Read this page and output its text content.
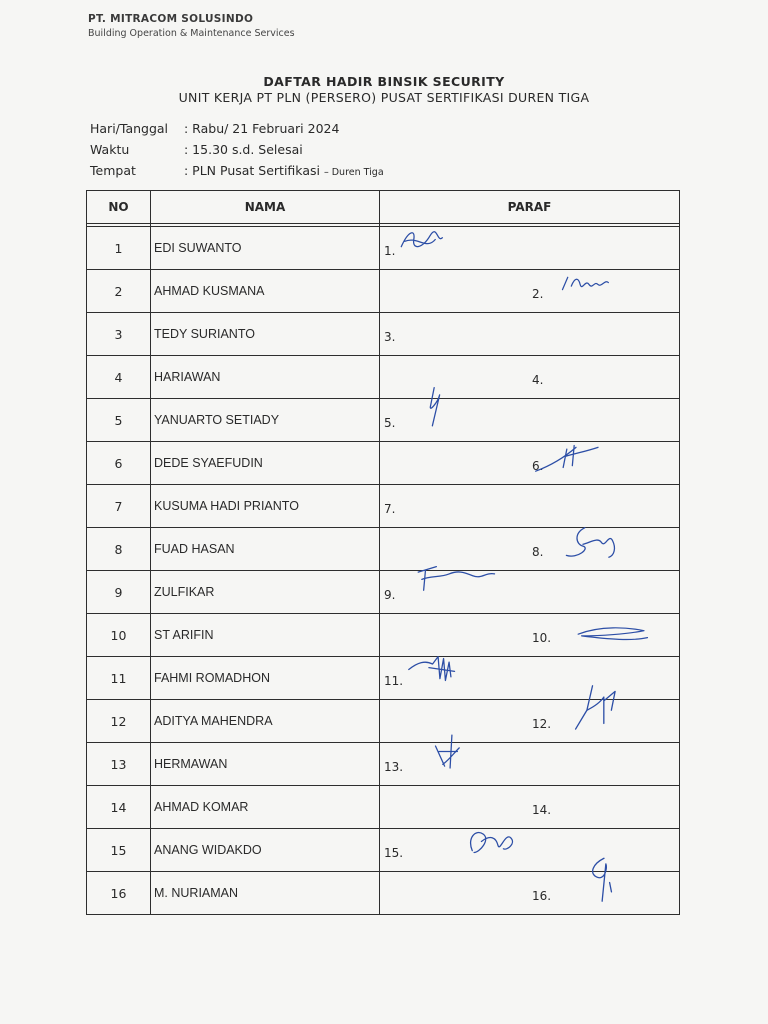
PT. MITRACOM SOLUSINDO
Building Operation & Maintenance Services
DAFTAR HADIR BINSIK SECURITY
UNIT KERJA PT PLN (PERSERO) PUSAT SERTIFIKASI DUREN TIGA
Hari/Tanggal : Rabu/ 21 Februari 2024
Waktu	: 15.30 s.d. Selesai
Tempat	: PLN Pusat Sertifikasi – Duren Tiga
NO	NAMA	PARAF

1	EDI SUWANTO	1.

2	AHMAD KUSMANA	2.

3	TEDY SURIANTO	3.

4	HARIAWAN	4.

5	YANUARTO SETIADY	5.

6	DEDE SYAEFUDIN	6.

7	KUSUMA HADI PRIANTO	7.

8	FUAD HASAN	8.

9	ZULFIKAR	9.

10	ST ARIFIN	10.

11	FAHMI ROMADHON	11.

12	ADITYA MAHENDRA	12.

13	HERMAWAN	13.

14	AHMAD KOMAR	14.

15	ANANG WIDAKDO	15.

16	M. NURIAMAN	16.
